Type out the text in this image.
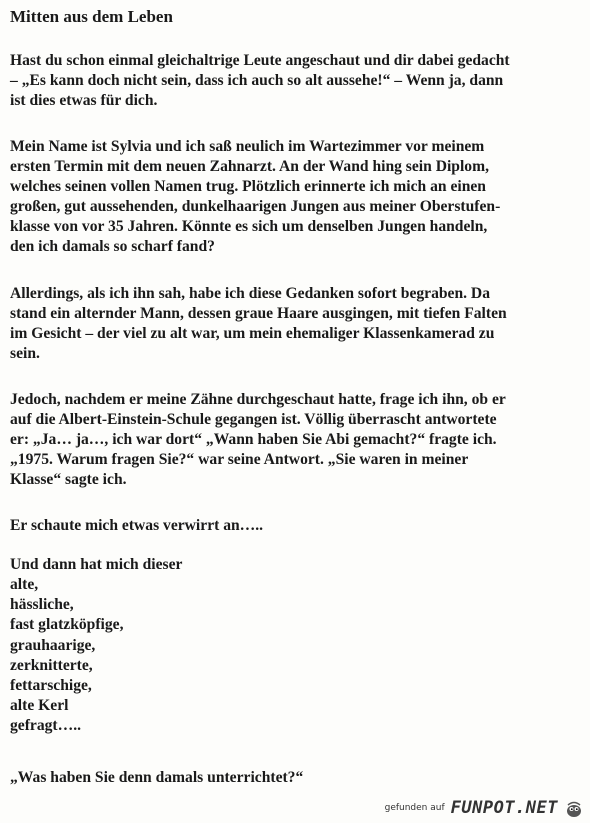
Mitten aus dem Leben

Hast du schon einmal gleichaltrige Leute angeschaut und dir dabei gedacht
– „Es kann doch nicht sein, dass ich auch so alt aussehe!“ – Wenn ja, dann
ist dies etwas für dich.

Mein Name ist Sylvia und ich saß neulich im Wartezimmer vor meinem
ersten Termin mit dem neuen Zahnarzt. An der Wand hing sein Diplom,
welches seinen vollen Namen trug. Plötzlich erinnerte ich mich an einen
großen, gut aussehenden, dunkelhaarigen Jungen aus meiner Oberstufen-
klasse von vor 35 Jahren. Könnte es sich um denselben Jungen handeln,
den ich damals so scharf fand?

Allerdings, als ich ihn sah, habe ich diese Gedanken sofort begraben. Da
stand ein alternder Mann, dessen graue Haare ausgingen, mit tiefen Falten
im Gesicht – der viel zu alt war, um mein ehemaliger Klassenkamerad zu
sein.

Jedoch, nachdem er meine Zähne durchgeschaut hatte, frage ich ihn, ob er
auf die Albert-Einstein-Schule gegangen ist. Völlig überrascht antwortete
er: „Ja… ja…, ich war dort“ „Wann haben Sie Abi gemacht?“ fragte ich.
„1975. Warum fragen Sie?“ war seine Antwort. „Sie waren in meiner
Klasse“ sagte ich.

Er schaute mich etwas verwirrt an…..

Und dann hat mich dieser

alte,
hässliche,
fast glatzköpfige,
grauhaarige,
zerknitterte,
fettarschige,
alte Kerl
gefragt…..

„Was haben Sie denn damals unterrichtet?“

gefunden auf FUNPOT.NET
